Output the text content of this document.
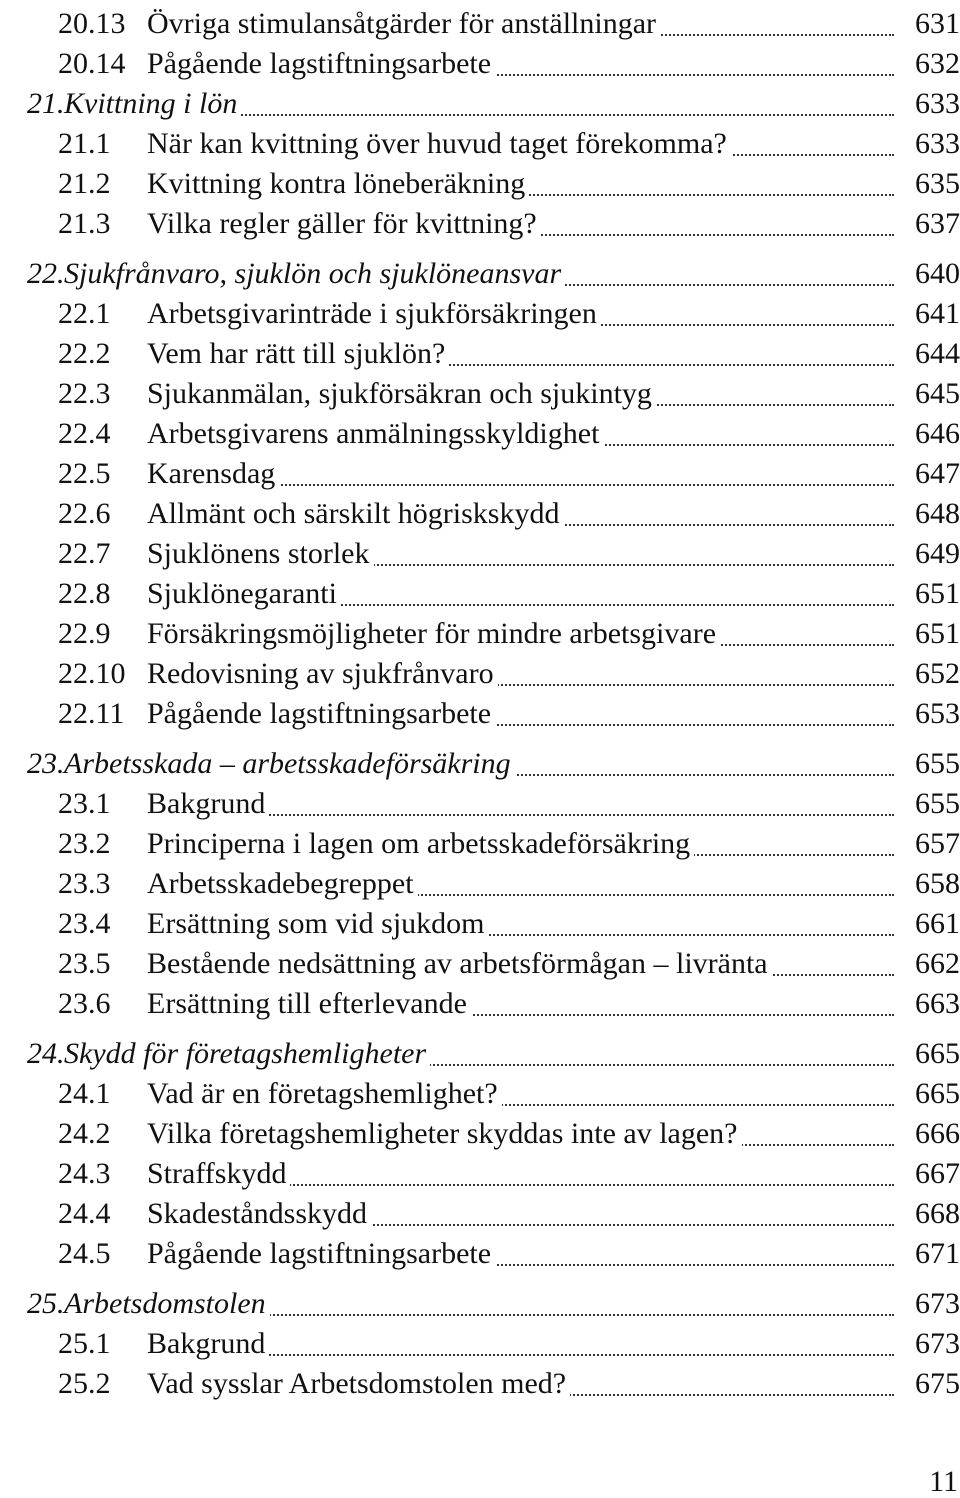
20.13 Övriga stimulansåtgärder för anställningar	631
20.14 Pågående lagstiftningsarbete	632
21. Kvittning i lön	633
21.1 När kan kvittning över huvud taget förekomma?	633
21.2 Kvittning kontra löneberäkning	635
21.3 Vilka regler gäller för kvittning?	637
22. Sjukfrånvaro, sjuklön och sjuklöneansvar	640
22.1 Arbetsgivarinträde i sjukförsäkringen	641
22.2 Vem har rätt till sjuklön?	644
22.3 Sjukanmälan, sjukförsäkran och sjukintyg	645
22.4 Arbetsgivarens anmälningsskyldighet	646
22.5 Karensdag	647
22.6 Allmänt och särskilt högriskskydd	648
22.7 Sjuklönens storlek	649
22.8 Sjuklönegaranti	651
22.9 Försäkringsmöjligheter för mindre arbetsgivare	651
22.10 Redovisning av sjukfrånvaro	652
22.11 Pågående lagstiftningsarbete	653
23. Arbetsskada – arbetsskadeförsäkring	655
23.1 Bakgrund	655
23.2 Principerna i lagen om arbetsskadeförsäkring	657
23.3 Arbetsskadebegreppet	658
23.4 Ersättning som vid sjukdom	661
23.5 Bestående nedsättning av arbetsförmågan – livränta	662
23.6 Ersättning till efterlevande	663
24. Skydd för företagshemligheter	665
24.1 Vad är en företagshemlighet?	665
24.2 Vilka företagshemligheter skyddas inte av lagen?	666
24.3 Straffskydd	667
24.4 Skadeståndsskydd	668
24.5 Pågående lagstiftningsarbete	671
25. Arbetsdomstolen	673
25.1 Bakgrund	673
25.2 Vad sysslar Arbetsdomstolen med?	675
11
